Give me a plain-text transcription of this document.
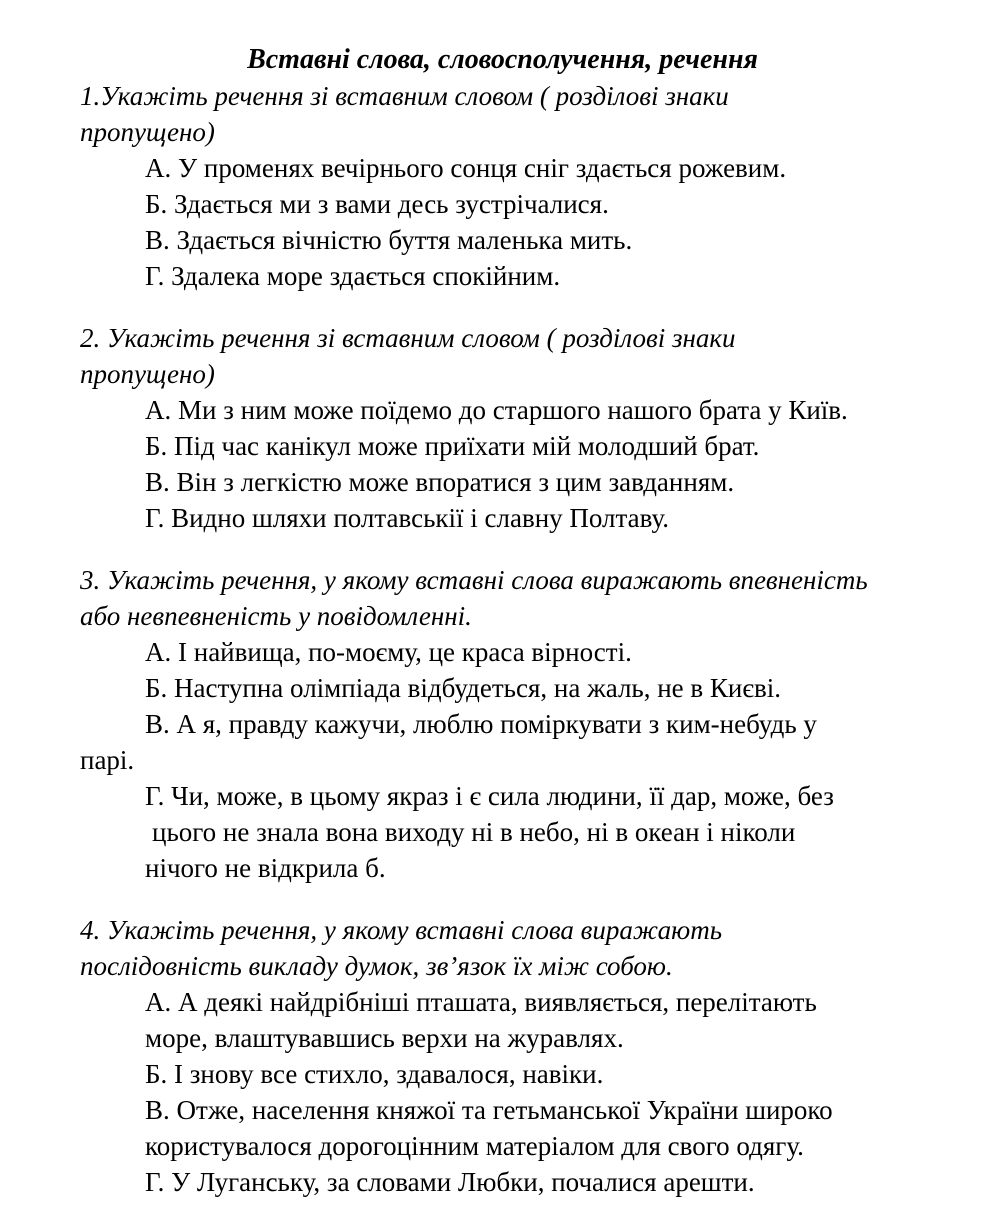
Вставні слова, словосполучення, речення
1.Укажіть речення зі вставним словом ( розділові знаки
пропущено)
А. У променях вечірнього сонця сніг здається рожевим.
Б. Здається ми з вами десь зустрічалися.
В. Здається вічністю буття маленька мить.
Г. Здалека море здається спокійним.
2. Укажіть речення зі вставним словом ( розділові знаки
пропущено)
А. Ми з ним може поїдемо до старшого нашого брата у Київ.
Б. Під час канікул може приїхати мій молодший брат.
В. Він з легкістю може впоратися з цим завданням.
Г. Видно шляхи полтавськії і славну Полтаву.
3. Укажіть речення, у якому вставні слова виражають впевненість
або невпевненість у повідомленні.
А. І найвища, по-моєму, це краса вірності.
Б. Наступна олімпіада відбудеться, на жаль, не в Києві.
В. А я, правду кажучи, люблю поміркувати з ким-небудь у
парі.
Г. Чи, може, в цьому якраз і є сила людини, її дар, може, без
цього не знала вона виходу ні в небо, ні в океан і ніколи
нічого не відкрила б.
4. Укажіть речення, у якому вставні слова виражають
послідовність викладу думок, зв’язок їх між собою.
А. А деякі найдрібніші пташата, виявляється, перелітають
море, влаштувавшись верхи на журавлях.
Б. І знову все стихло, здавалося, навіки.
В. Отже, населення княжої та гетьманської України широко
користувалося дорогоцінним матеріалом для свого одягу.
Г. У Луганську, за словами Любки, почалися арешти.
